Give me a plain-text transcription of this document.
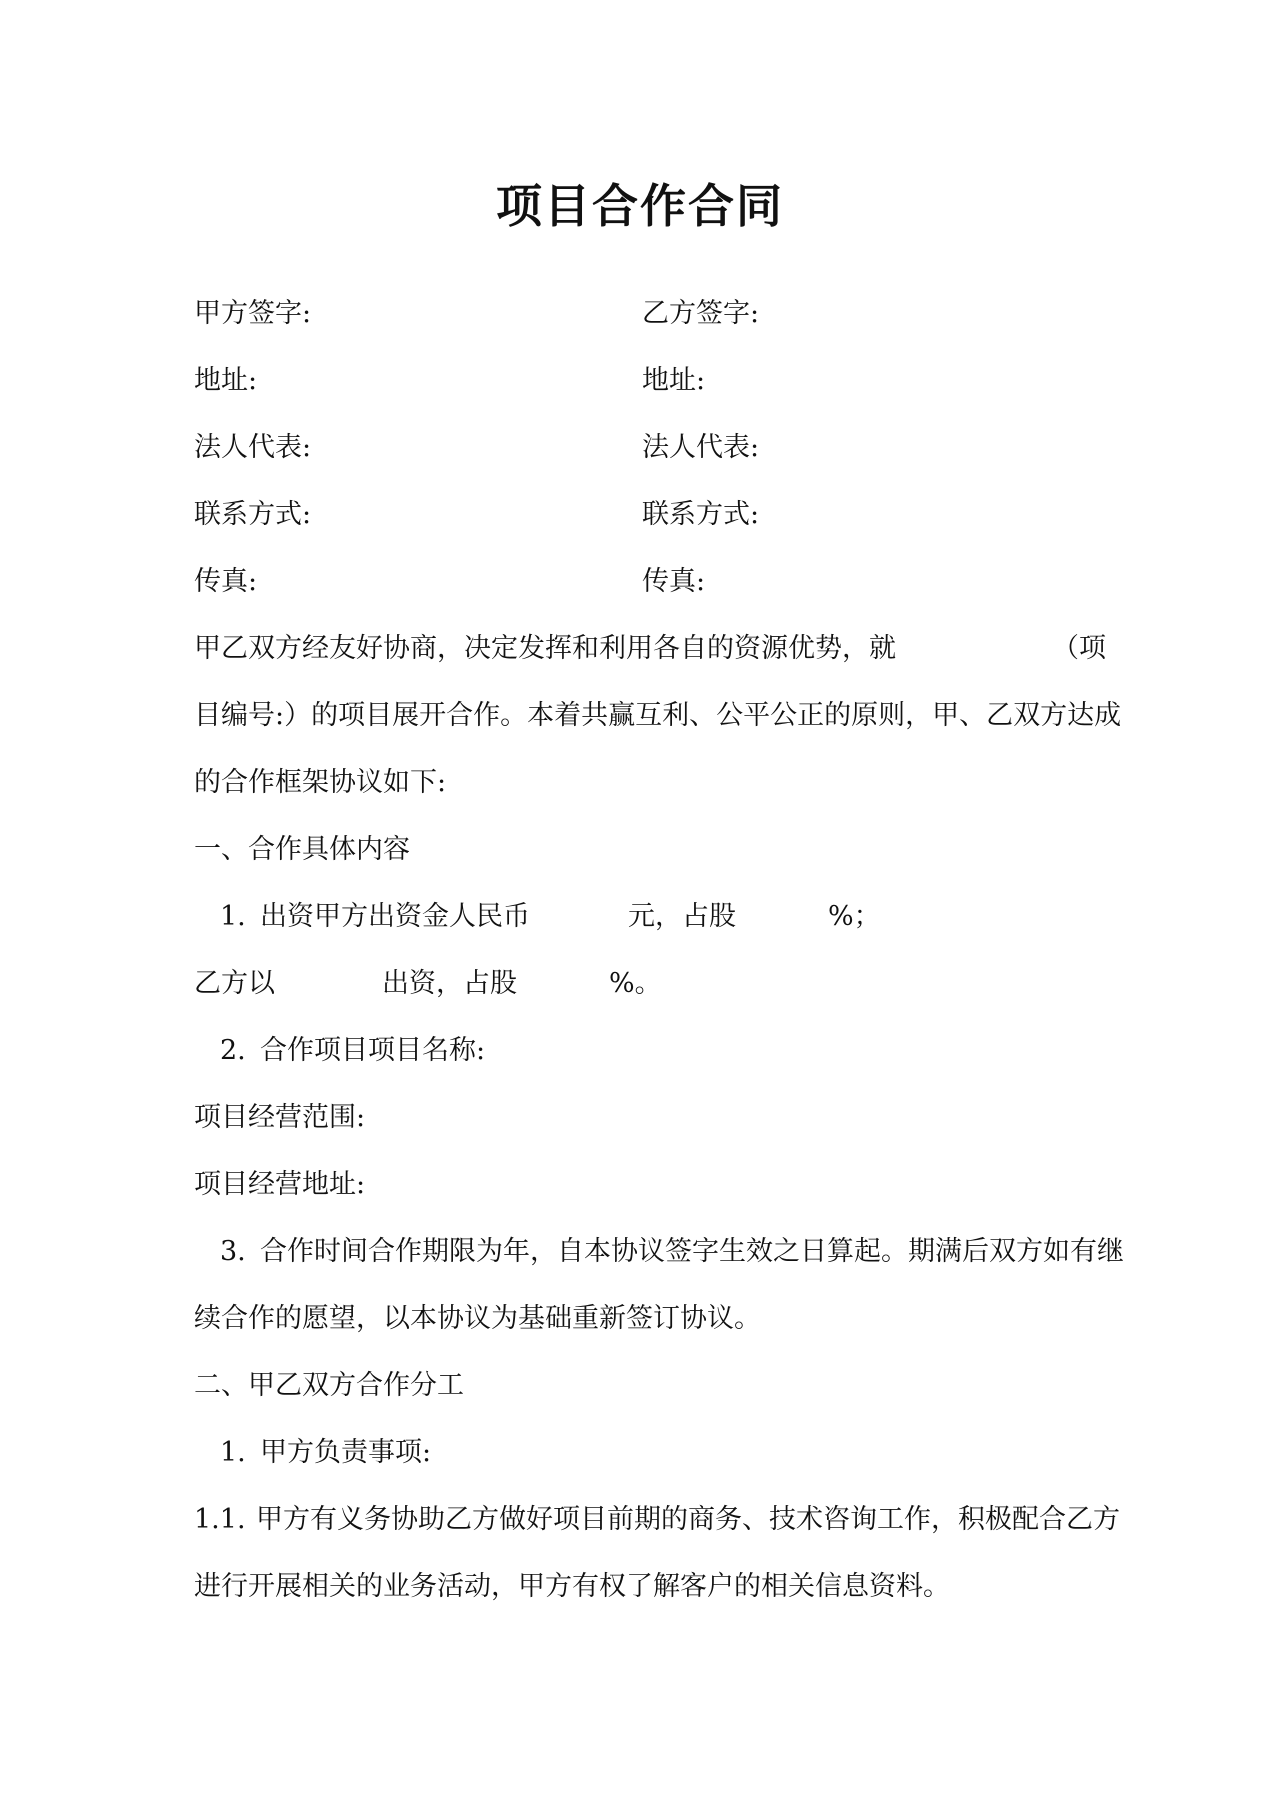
项目合作合同
甲方签字:	乙方签字:
地址:	地址:
法人代表:	法人代表:
联系方式:	联系方式:
传真:	传真:
甲乙双方经友好协商，决定发挥和利用各自的资源优势，就	（项
目编号:）的项目展开合作。本着共赢互利、公平公正的原则，甲、乙双方达成
的合作框架协议如下:
一、合作具体内容
1. 出资甲方出资金人民币	元，占股	%；
乙方以	出资，占股	%。
2. 合作项目项目名称:
项目经营范围:
项目经营地址:
3. 合作时间合作期限为年，自本协议签字生效之日算起。期满后双方如有继
续合作的愿望，以本协议为基础重新签订协议。
二、甲乙双方合作分工
1. 甲方负责事项:
1.1. 甲方有义务协助乙方做好项目前期的商务、技术咨询工作，积极配合乙方
进行开展相关的业务活动，甲方有权了解客户的相关信息资料。
